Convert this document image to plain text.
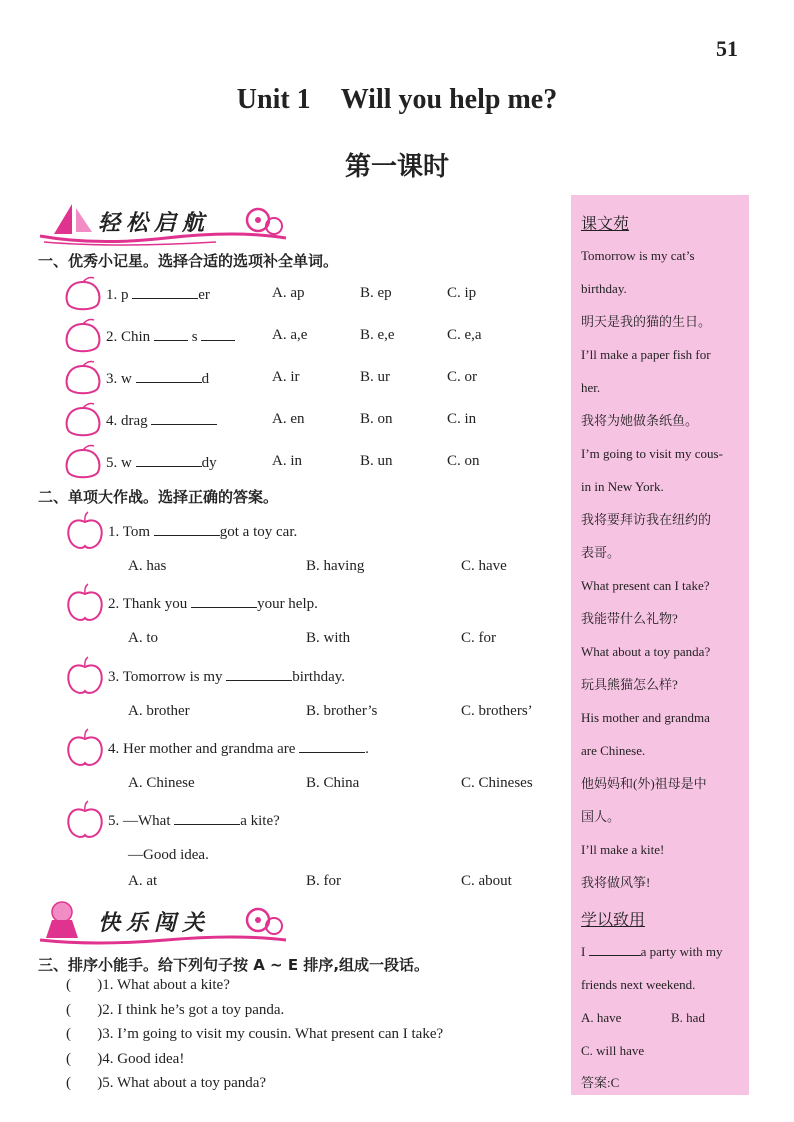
51
Unit 1 Will you help me?
第一课时
轻松启航
一、优秀小记星。选择合适的选项补全单词。
1. p	er	A. ap	B. ep	C. ip
2. Chin	s	A. a,e	B. e,e	C. e,a
3. w	d	A. ir	B. ur	C. or
4. drag	A. en	B. on	C. in
5. w	dy	A. in	B. un	C. on
二、单项大作战。选择正确的答案。
1. Tom	got a toy car.
A. has	B. having	C. have
2. Thank you	your help.
A. to	B. with	C. for
3. Tomorrow is my	birthday.
A. brother	B. brother’s	C. brothers’
4. Her mother and grandma are	.
A. Chinese	B. China	C. Chineses
5. —What	a kite?
—Good idea.
A. at	B. for	C. about
快乐闯关
三、排序小能手。给下列句子按 A ~ E 排序,组成一段话。
(       )1. What about a kite?
(       )2. I think he’s got a toy panda.
(       )3. I’m going to visit my cousin. What present can I take?
(       )4. Good idea!
(       )5. What about a toy panda?
课文苑
Tomorrow is my cat’s
birthday.
明天是我的猫的生日。
I’ll make a paper fish for
her.
我将为她做条纸鱼。
I’m going to visit my cous-
in in New York.
我将要拜访我在纽约的
表哥。
What present can I take?
我能带什么礼物?
What about a toy panda?
玩具熊猫怎么样?
His mother and grandma
are Chinese.
他妈妈和(外)祖母是中
国人。
I’ll make a kite!
我将做风筝!
学以致用
I	a party with my
friends next weekend.
A. have	B. had
C. will have
答案:C
